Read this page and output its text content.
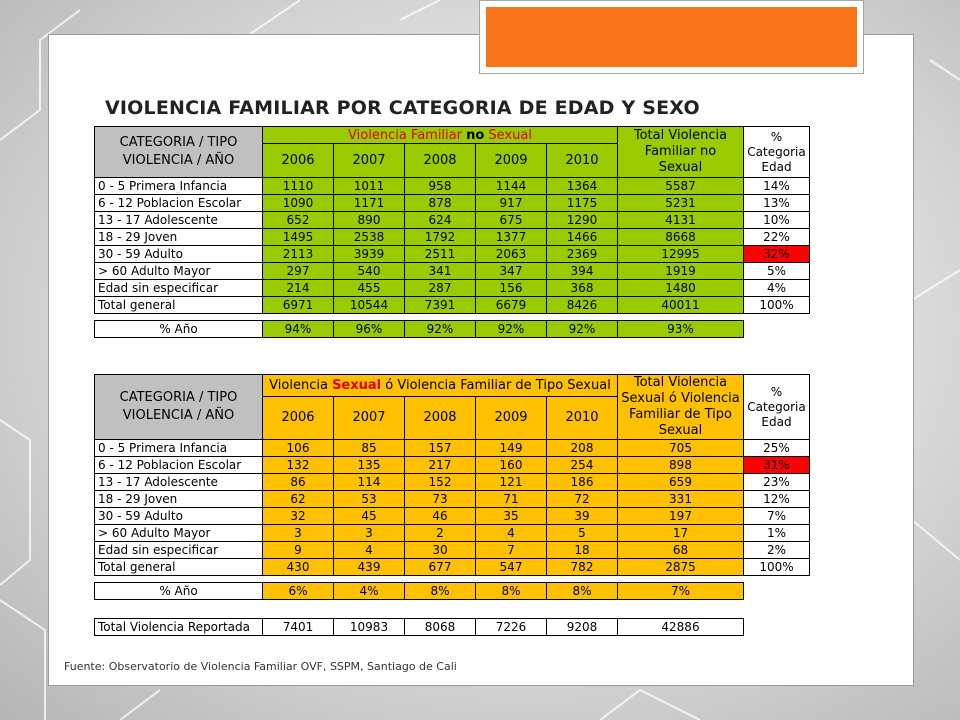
VIOLENCIA FAMILIAR POR CATEGORIA DE EDAD Y SEXO
CATEGORIA / TIPO VIOLENCIA / AÑO	Violencia Familiar no Sexual					Total Violencia Familiar no Sexual	% Categoria Edad
	2006	2007	2008	2009	2010		
0 - 5 Primera Infancia	1110	1011	958	1144	1364	5587	14%
6 - 12 Poblacion Escolar	1090	1171	878	917	1175	5231	13%
13 - 17 Adolescente	652	890	624	675	1290	4131	10%
18 - 29 Joven	1495	2538	1792	1377	1466	8668	22%
30 - 59 Adulto	2113	3939	2511	2063	2369	12995	32%
> 60 Adulto Mayor	297	540	341	347	394	1919	5%
Edad sin especificar	214	455	287	156	368	1480	4%
Total general	6971	10544	7391	6679	8426	40011	100%

% Año	94%	96%	92%	92%	92%	93%	
CATEGORIA / TIPO VIOLENCIA / AÑO	Violencia Sexual ó Violencia Familiar de Tipo Sexual					Total Violencia Sexual ó Violencia Familiar de Tipo Sexual	% Categoria Edad
	2006	2007	2008	2009	2010		
0 - 5 Primera Infancia	106	85	157	149	208	705	25%
6 - 12 Poblacion Escolar	132	135	217	160	254	898	31%
13 - 17 Adolescente	86	114	152	121	186	659	23%
18 - 29 Joven	62	53	73	71	72	331	12%
30 - 59 Adulto	32	45	46	35	39	197	7%
> 60 Adulto Mayor	3	3	2	4	5	17	1%
Edad sin especificar	9	4	30	7	18	68	2%
Total general	430	439	677	547	782	2875	100%

% Año	6%	4%	8%	8%	8%	7%	
Total Violencia Reportada	7401	10983	8068	7226	9208	42886
Fuente: Observatorio de Violencia Familiar OVF, SSPM, Santiago de Cali
